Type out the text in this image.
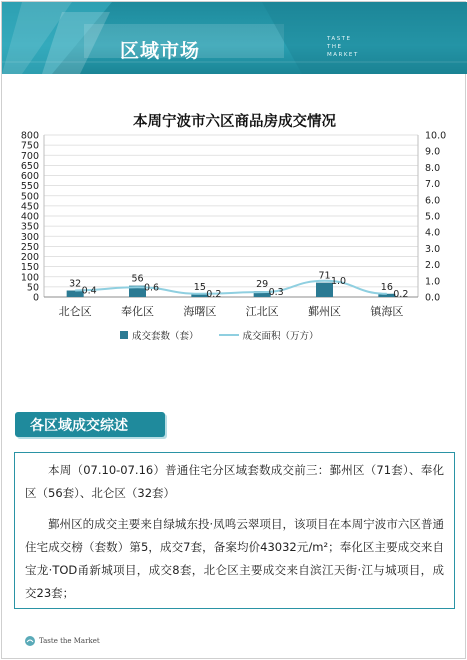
区域市场
TASTE
THE
MARKET
本周宁波市六区商品房成交情况
0
50
100
150
200
250
300
350
400
450
500
550
600
650
700
750
800
0.0
1.0
2.0
3.0
4.0
5.0
6.0
7.0
8.0
9.0
10.0
32
北仑区
56
奉化区
15
海曙区
29
江北区
71
鄞州区
16
镇海区
0.4	0.6
0.2	0.3
1.0
0.2
成交套数（套）	成交面积（万方）
各区域成交综述

本周（07.10-07.16）普通住宅分区域套数成交前三：鄞州区（71套）、奉化区（56套）、北仑区（32套）

鄞州区的成交主要来自绿城东投·凤鸣云翠项目，该项目在本周宁波市六区普通住宅成交榜（套数）第5，成交7套，备案均价43032元/m²；奉化区主要成交来自宝龙·TOD甬新城项目，成交8套，北仑区主要成交来自滨江天街·江与城项目，成交23套；

Taste the Market
